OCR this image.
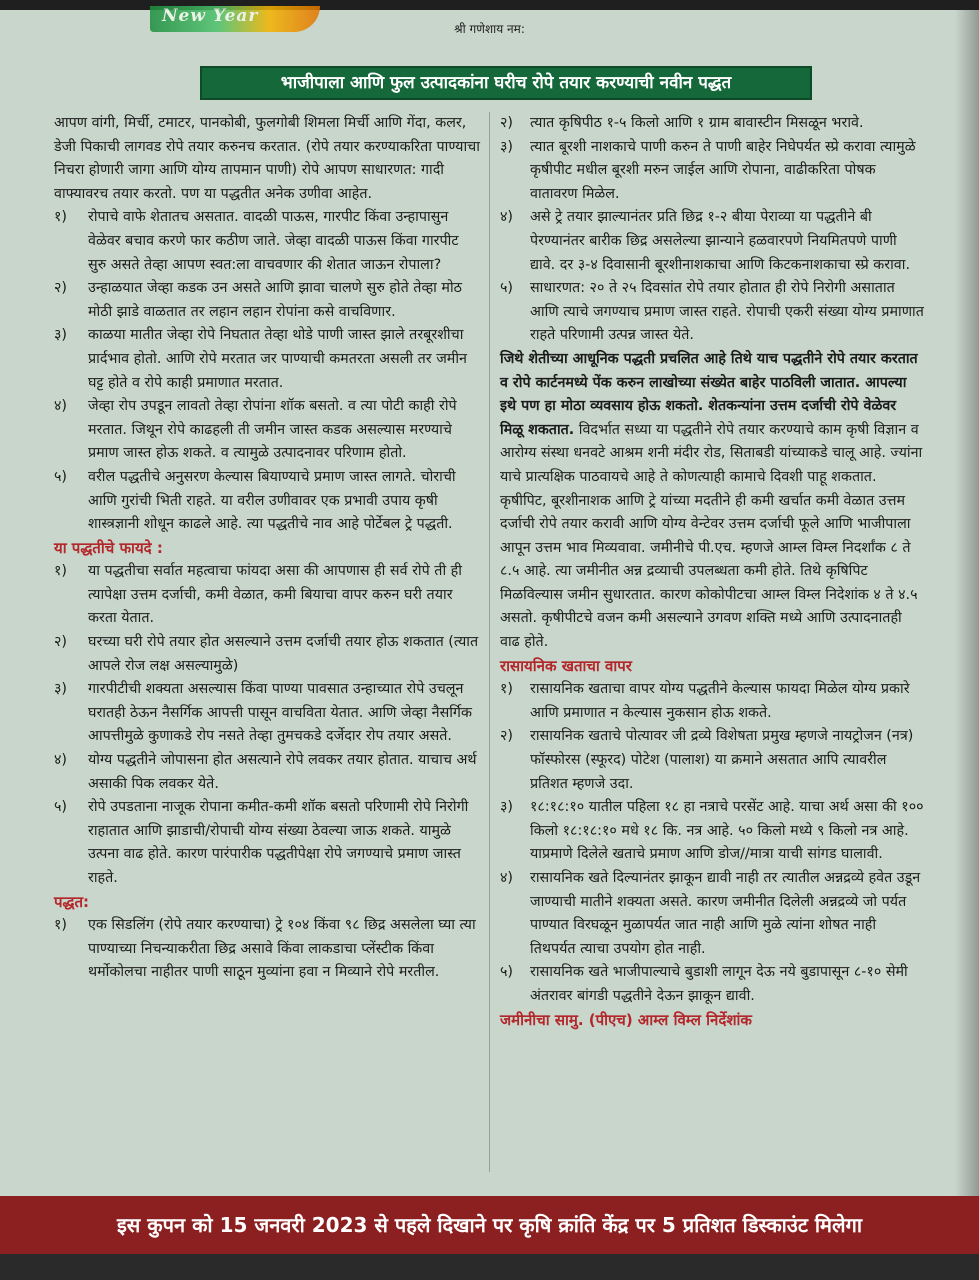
New Year
श्री गणेशाय नम:
भाजीपाला आणि फुल उत्पादकांना घरीच रोपे तयार करण्याची नवीन पद्धत

आपण वांगी, मिर्ची, टमाटर, पानकोबी, फुलगोबी शिमला मिर्ची आणि गेंदा, कलर, डेजी पिकाची लागवड रोपे तयार करुनच करतात. (रोपे तयार करण्याकरिता पाण्याचा निचरा होणारी जागा आणि योग्य तापमान पाणी) रोपे आपण साधारणत: गादी वाफ्यावरच तयार करतो. पण या पद्धतीत अनेक उणीवा आहेत.

१)	रोपाचे वाफे शेतातच असतात. वादळी पाऊस, गारपीट किंवा उन्हापासुन वेळेवर बचाव करणे फार कठीण जाते. जेव्हा वादळी पाऊस किंवा गारपीट सुरु असते तेव्हा आपण स्वत:ला वाचवणार की शेतात जाऊन रोपाला?
२)	उन्हाळयात जेव्हा कडक उन असते आणि झावा चालणे सुरु होते तेव्हा मोठ मोठी झाडे वाळतात तर लहान लहान रोपांना कसे वाचविणार.
३)	काळया मातीत जेव्हा रोपे निघतात तेव्हा थोडे पाणी जास्त झाले तरबूरशीचा प्रार्दभाव होतो. आणि रोपे मरतात जर पाण्याची कमतरता असली तर जमीन घट्ट होते व रोपे काही प्रमाणात मरतात.
४)	जेव्हा रोप उपडून लावतो तेव्हा रोपांना शॉक बसतो. व त्या पोटी काही रोपे मरतात. जिथून रोपे काढहली ती जमीन जास्त कडक असल्यास मरण्याचे प्रमाण जास्त होऊ शकते. व त्यामुळे उत्पादनावर परिणाम होतो.
५)	वरील पद्धतीचे अनुसरण केल्यास बियाण्याचे प्रमाण जास्त लागते. चोराची आणि गुरांची भिती राहते. या वरील उणीवावर एक प्रभावी उपाय कृषी शास्त्रज्ञानी शोधून काढले आहे. त्या पद्धतीचे नाव आहे पोर्टेबल ट्रे पद्धती.
या पद्धतीचे फायदे :
१)	या पद्धतीचा सर्वात महत्वाचा फांयदा असा की आपणास ही सर्व रोपे ती ही त्यापेक्षा उत्तम दर्जाची, कमी वेळात, कमी बियाचा वापर करुन घरी तयार करता येतात.
२)	घरच्या घरी रोपे तयार होत असल्याने उत्तम दर्जाची तयार होऊ शकतात (त्यात आपले रोज लक्ष असल्यामुळे)
३)	गारपीटीची शक्यता असल्यास किंवा पाण्या पावसात उन्हाच्यात रोपे उचलून घरातही ठेऊन नैसर्गिक आपत्ती पासून वाचविता येतात. आणि जेव्हा नैसर्गिक आपत्तीमुळे कुणाकडे रोप नसते तेव्हा तुमचकडे दर्जेदार रोप तयार असते.
४)	योग्य पद्धतीने जोपासना होत असत्याने रोपे लवकर तयार होतात. याचाच अर्थ असाकी पिक लवकर येते.
५)	रोपे उपडताना नाजूक रोपाना कमीत-कमी शॉक बसतो परिणामी रोपे निरोगी राहातात आणि झाडाची/रोपाची योग्य संख्या ठेवल्या जाऊ शकते. यामुळे उत्पना वाढ होते. कारण पारंपारीक पद्धतीपेक्षा रोपे जगण्याचे प्रमाण जास्त राहते.
पद्धत:
१)	एक सिडलिंग (रोपे तयार करण्याचा) ट्रे १०४ किंवा ९८ छिद्र असलेला घ्या त्या पाण्याच्या निचन्याकरीता छिद्र असावे किंवा लाकडाचा प्लेंस्टीक किंवा थर्मोकोलचा नाहीतर पाणी साठून मुव्यांना हवा न मिव्याने रोपे मरतील.
२)	त्यात कृषिपीठ १-५ किलो आणि १ ग्राम बावास्टीन मिसळून भरावे.
३)	त्यात बूरशी नाशकाचे पाणी करुन ते पाणी बाहेर निघेपर्यत स्प्रे करावा त्यामुळे कृषीपीट मधील बूरशी मरुन जाईल आणि रोपाना, वाढीकरिता पोषक वातावरण मिळेल.
४)	असे ट्रे तयार झाल्यानंतर प्रति छिद्र १-२ बीया पेराव्या या पद्धतीने बी पेरण्यानंतर बारीक छिद्र असलेल्या झान्याने हळवारपणे नियमितपणे पाणी द्यावे. दर ३-४ दिवासानी बूरशीनाशकाचा आणि किटकनाशकाचा स्प्रे करावा.
५)	साधारणत: २० ते २५ दिवसांत रोपे तयार होतात ही रोपे निरोगी असातात आणि त्याचे जगण्याच प्रमाण जास्त राहते. रोपाची एकरी संख्या योग्य प्रमाणात राहते परिणामी उत्पन्न जास्त येते.

जिथे शेतीच्या आधूनिक पद्धती प्रचलित आहे तिथे याच पद्धतीने रोपे तयार करतात व रोपे कार्टनमध्ये पेंक करुन लाखोच्या संख्येत बाहेर पाठविली जातात. आपल्या इथे पण हा मोठा व्यवसाय होऊ शकतो. शेतकन्यांना उत्तम दर्जाची रोपे वेळेवर मिळू शकतात. विदर्भात सध्या या पद्धतीने रोपे तयार करण्याचे काम कृषी विज्ञान व आरोग्य संस्था धनवटे आश्रम शनी मंदीर रोड, सिताबडी यांच्याकडे चालू आहे. ज्यांना याचे प्रात्यक्षिक पाठवायचे आहे ते कोणत्याही कामाचे दिवशी पाहू शकतात. कृषीपिट, बूरशीनाशक आणि ट्रे यांच्या मदतीने ही कमी खर्चात कमी वेळात उत्तम दर्जाची रोपे तयार करावी आणि योग्य वेन्टेवर उत्तम दर्जाची फूले आणि भाजीपाला आपून उत्तम भाव मिव्यवावा. जमीनीचे पी.एच. म्हणजे आम्ल विम्ल निदर्शांक ८ ते ८.५ आहे. त्या जमीनीत अन्न द्रव्याची उपलब्धता कमी होते. तिथे कृषिपिट मिळविल्यास जमीन सुधारतात. कारण कोकोपीटचा आम्ल विम्ल निदेशांक ४ ते ४.५ असतो. कृषीपीटचे वजन कमी असल्याने उगवण शक्ति मध्ये आणि उत्पादनातही वाढ होते.

रासायनिक खताचा वापर
१)	रासायनिक खताचा वापर योग्य पद्धतीने केल्यास फायदा मिळेल योग्य प्रकारे आणि प्रमाणात न केल्यास नुकसान होऊ शकते.
२)	रासायनिक खताचे पोत्यावर जी द्रव्ये विशेषता प्रमुख म्हणजे नायट्रोजन (नत्र) फॉस्फोरस (स्फूरद) पोटेश (पालाश) या क्रमाने असतात आपि त्यावरील प्रतिशत म्हणजे उदा.
३)	१८:१८:१० यातील पहिला १८ हा नत्राचे परसेंट आहे. याचा अर्थ असा की १०० किलो १८:१८:१० मधे १८ कि. नत्र आहे. ५० किलो मध्ये ९ किलो नत्र आहे. याप्रमाणे दिलेले खताचे प्रमाण आणि डोज//मात्रा याची सांगड घालावी.
४)	रासायनिक खते दिल्यानंतर झाकून द्यावी नाही तर त्यातील अन्नद्रव्ये हवेत उडून जाण्याची मातीने शक्यता असते. कारण जमीनीत दिलेली अन्नद्रव्ये जो पर्यत पाण्यात विरघळून मुळापर्यत जात नाही आणि मुळे त्यांना शोषत नाही तिथपर्यत त्याचा उपयोग होत नाही.
५)	रासायनिक खते भाजीपाल्याचे बुडाशी लागून देऊ नये बुडापासून ८-१० सेमी अंतरावर बांगडी पद्धतीने देऊन झाकून द्यावी.
जमीनीचा सामु. (पीएच) आम्ल विम्ल निर्देशांक
इस कुपन को 15 जनवरी 2023 से पहले दिखाने पर कृषि क्रांति केंद्र पर 5 प्रतिशत डिस्काउंट मिलेगा
